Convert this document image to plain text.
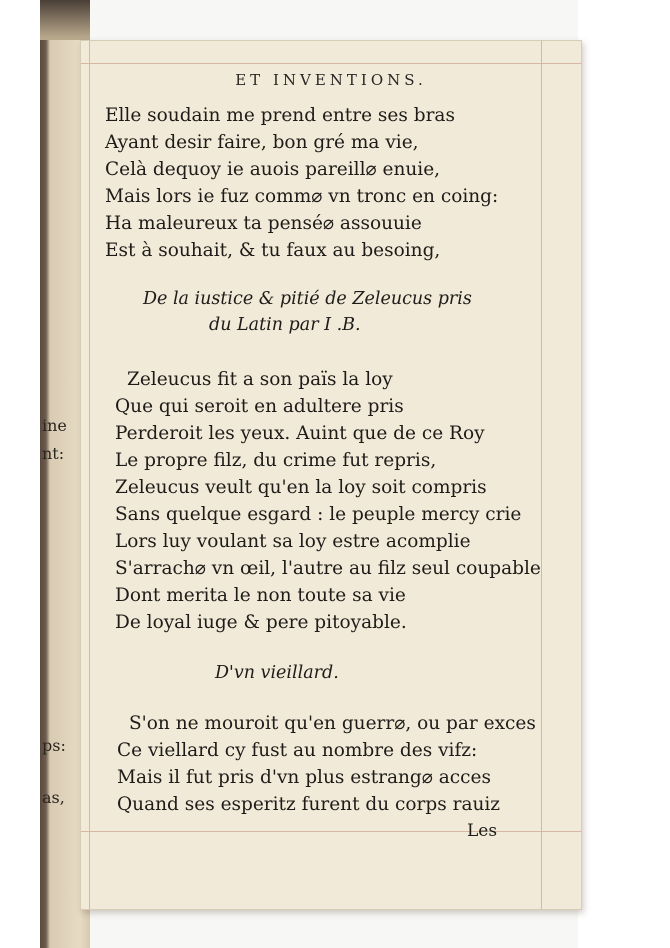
ine
nt:
ps:
as,
ET INVENTIONS.
Elle soudain me prend entre ses bras
Ayant desir faire, bon gré ma vie,
Celà dequoy ie auois pareill⌀ enuie,
Mais lors ie fuz comm⌀ vn tronc en coing:
Ha maleureux ta pensé⌀ assouuie
Est à souhait, & tu faux au besoing,
De la iustice & pitié de Zeleucus pris
du Latin par I .B.
Zeleucus fit a son païs la loy
Que qui seroit en adultere pris
Perderoit les yeux. Auint que de ce Roy
Le propre filz, du crime fut repris,
Zeleucus veult qu'en la loy soit compris
Sans quelque esgard : le peuple mercy crie
Lors luy voulant sa loy estre acomplie
S'arrach⌀ vn œil, l'autre au filz seul coupable
Dont merita le non toute sa vie
De loyal iuge & pere pitoyable.
D'vn vieillard.
S'on ne mouroit qu'en guerr⌀, ou par exces
Ce viellard cy fust au nombre des vifz:
Mais il fut pris d'vn plus estrang⌀ acces
Quand ses esperitz furent du corps rauiz
Les
